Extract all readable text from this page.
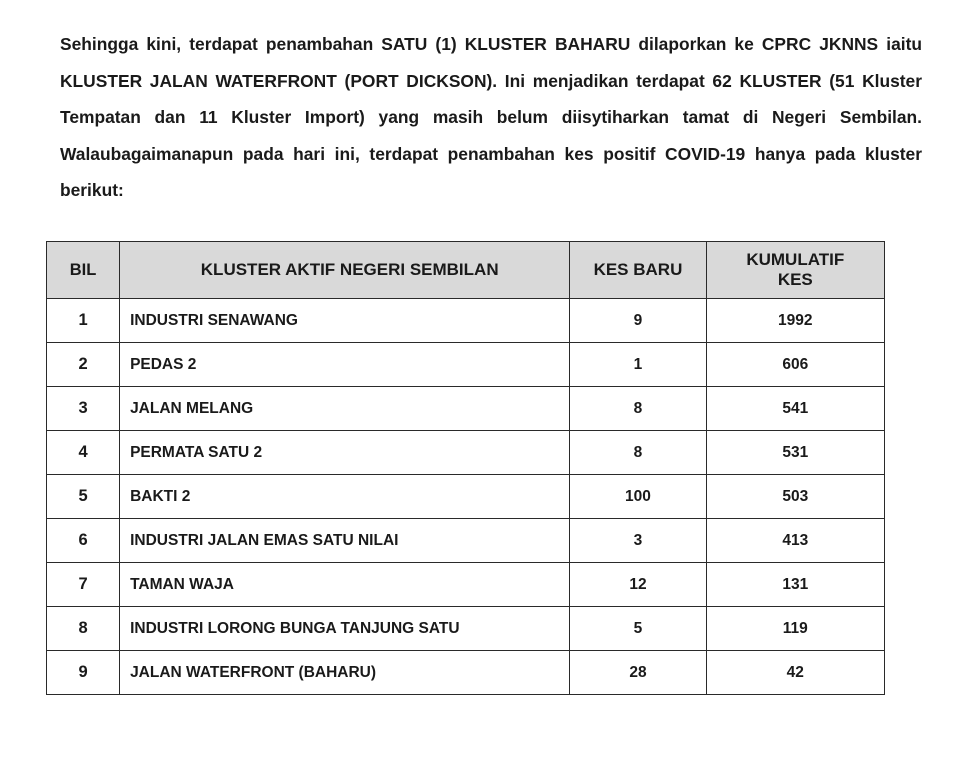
Sehingga kini, terdapat penambahan SATU (1) KLUSTER BAHARU dilaporkan ke CPRC JKNNS iaitu KLUSTER JALAN WATERFRONT (PORT DICKSON). Ini menjadikan terdapat 62 KLUSTER (51 Kluster Tempatan dan 11 Kluster Import) yang masih belum diisytiharkan tamat di Negeri Sembilan. Walaubagaimanapun pada hari ini, terdapat penambahan kes positif COVID-19 hanya pada kluster berikut:

BIL	KLUSTER AKTIF NEGERI SEMBILAN	KES BARU	KUMULATIF
KES
1	INDUSTRI SENAWANG	9	1992
2	PEDAS 2	1	606
3	JALAN MELANG	8	541
4	PERMATA SATU 2	8	531
5	BAKTI 2	100	503
6	INDUSTRI JALAN EMAS SATU NILAI	3	413
7	TAMAN WAJA	12	131
8	INDUSTRI LORONG BUNGA TANJUNG SATU	5	119
9	JALAN WATERFRONT (BAHARU)	28	42
